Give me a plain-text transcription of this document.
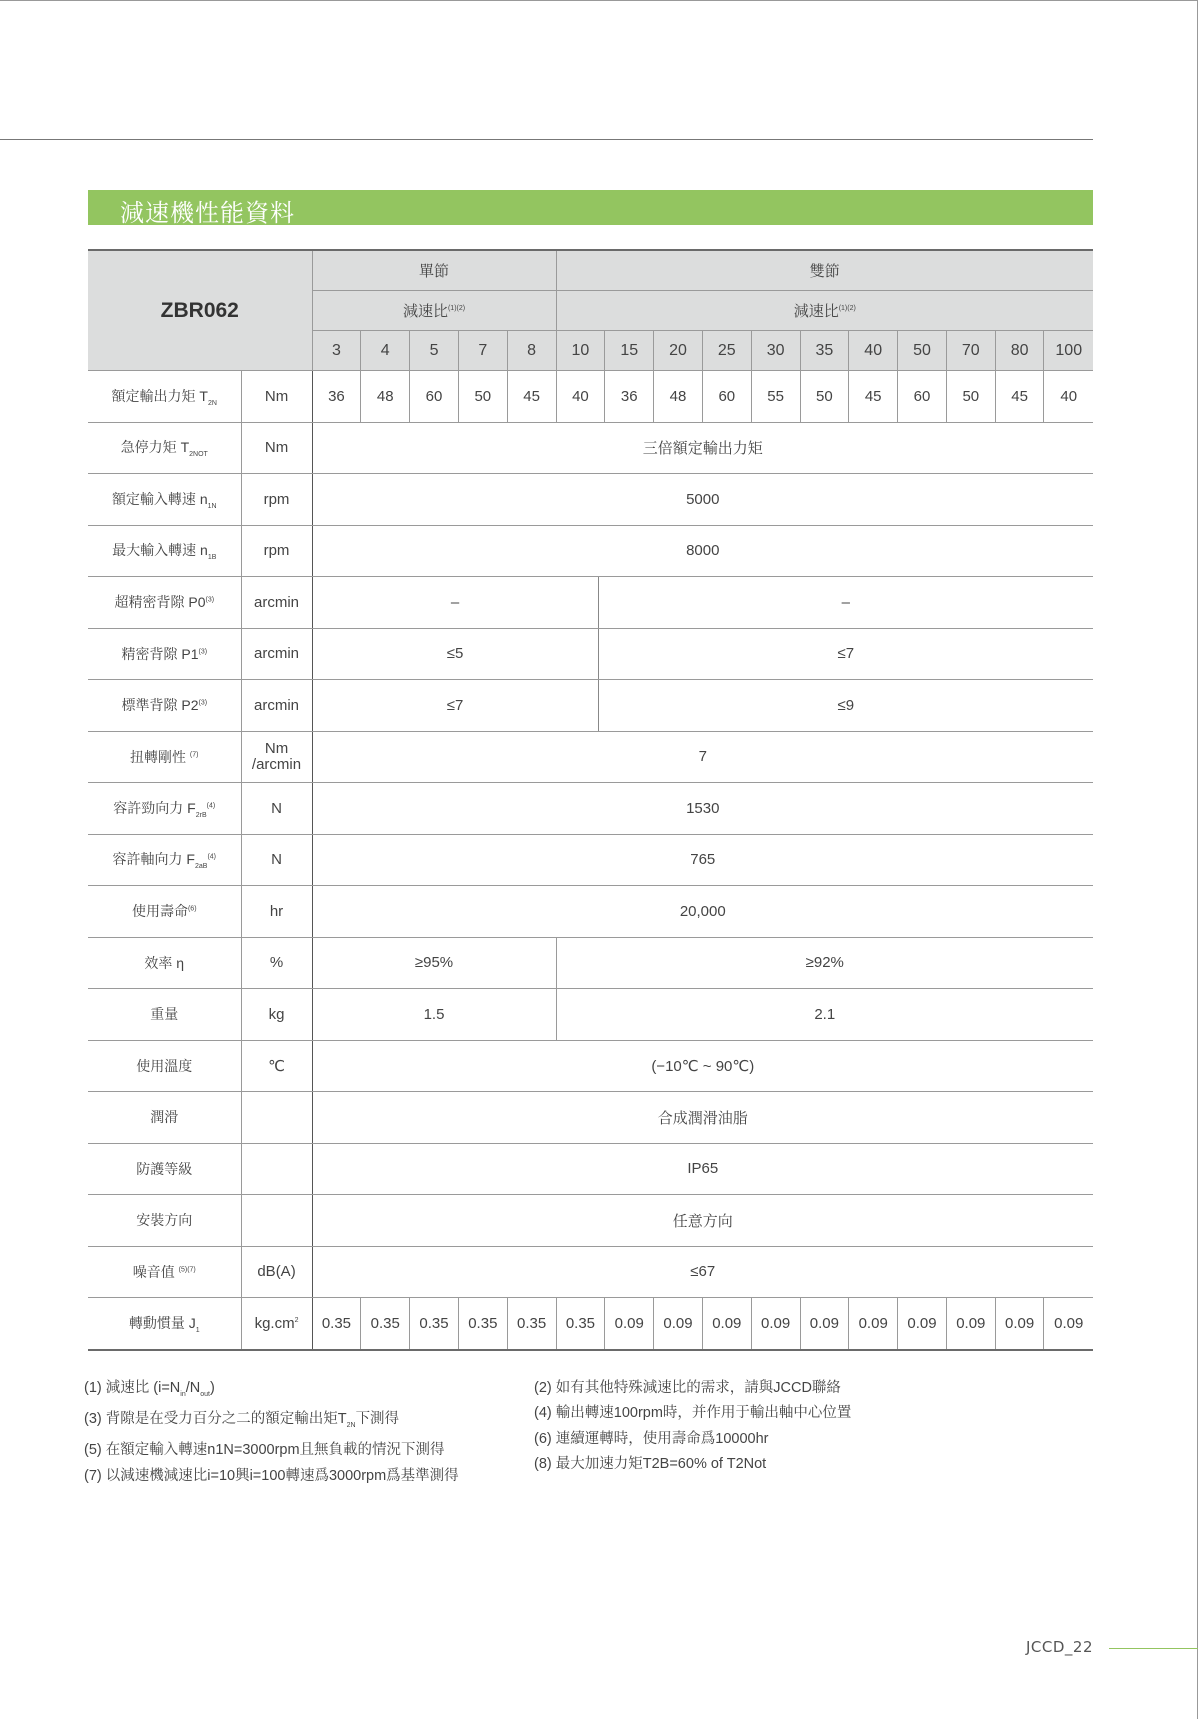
減速機性能資料
ZBR062		單節					雙節										
		減速比$^{(1)(2)}$					減速比$^{(1)(2)}$
		3	4	5	7	8	10	15	20	25	30	35	40	50	70	80	100
額定輸出力矩 $T_{2N}$	Nm	36	48	60	50	45	40	36	48	60	55	50	45	60	50	45	40
急停力矩 $T_{2NOT}$	Nm	三倍額定輸出力矩															
額定輸入轉速 $n_{1N}$	rpm	5000															
最大輸入轉速 $n_{1B}$	rpm	8000															
超精密背隙 P0$^{(3)}$	arcmin	– –															

精密背隙 P1$^{(3)}$	arcmin	≤5 ≤7															

標準背隙 P2$^{(3)}$	arcmin	≤7 ≤9															

扭轉剛性 $^{(7)}$	Nm
/arcmin	7															
容許勁向力 $F_{2rB}^{(4)}$	N	1530															
容許軸向力 $F_{2aB}^{(4)}$	N	765															
使用壽命$^{(6)}$	hr	20,000															
效率 η	%	≥95%					≥92%										
重量	kg	1.5					2.1										
使用溫度	℃	(−10℃ ~ 90℃)															
潤滑		合成潤滑油脂															
防護等級		IP65															
安裝方向		任意方向															
噪音值 $^{(5)(7)}$	dB(A)	≤67															
轉動慣量 $J_1$	$kg.cm^2$	0.35	0.35	0.35	0.35	0.35	0.35	0.09	0.09	0.09	0.09	0.09	0.09	0.09	0.09	0.09	0.09
(1) 減速比 $(i=N_{in}/N_{out})$
(3) 背隙是在受力百分之二的額定輸出矩$T_{2N}$下測得
(5) 在額定輸入轉速n1N=3000rpm且無負載的情況下測得
(7) 以減速機減速比i=10興i=100轉速爲3000rpm爲基準測得
(2) 如有其他特殊減速比的需求，請與JCCD聯絡
(4) 輸出轉速100rpm時，并作用于輸出軸中心位置
(6) 連續運轉時，使用壽命爲10000hr
(8) 最大加速力矩T2B=60% of T2Not
JCCD_22
